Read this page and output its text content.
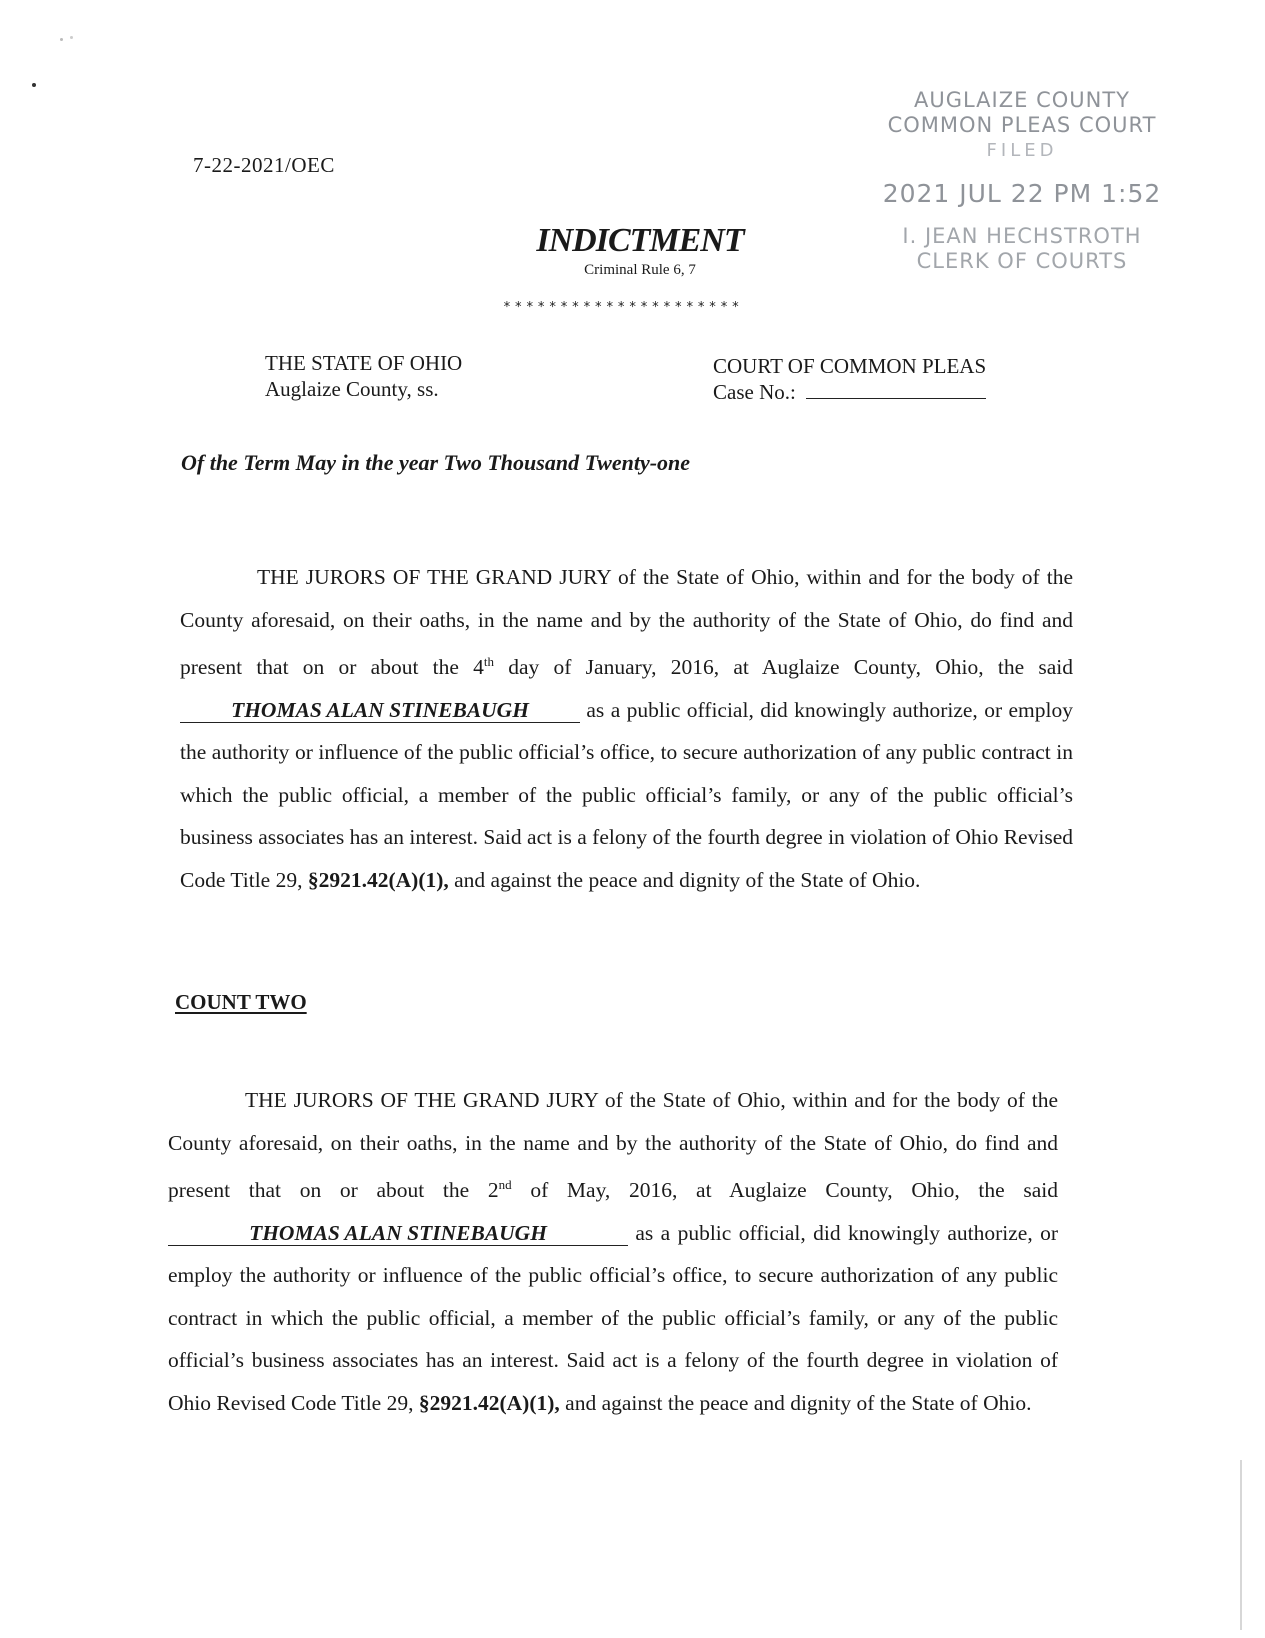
7-22-2021/OEC
AUGLAIZE COUNTY
COMMON PLEAS COURT
FILED
2021 JUL 22 PM 1:52
I. JEAN HECHSTROTH
CLERK OF COURTS
INDICTMENT
Criminal Rule 6, 7
*********************
THE STATE OF OHIO
Auglaize County, ss.
COURT OF COMMON PLEAS
Case No.:
Of the Term May in the year Two Thousand Twenty-one
THE JURORS OF THE GRAND JURY of the State of Ohio, within and for the body of the County aforesaid, on their oaths, in the name and by the authority of the State of Ohio, do find and present that on or about the 4th day of January, 2016, at Auglaize County, Ohio, the said THOMAS ALAN STINEBAUGH as a public official, did knowingly authorize, or employ the authority or influence of the public official’s office, to secure authorization of any public contract in which the public official, a member of the public official’s family, or any of the public official’s business associates has an interest. Said act is a felony of the fourth degree in violation of Ohio Revised Code Title 29, §2921.42(A)(1), and against the peace and dignity of the State of Ohio.
COUNT TWO
THE JURORS OF THE GRAND JURY of the State of Ohio, within and for the body of the County aforesaid, on their oaths, in the name and by the authority of the State of Ohio, do find and present that on or about the 2nd of May, 2016, at Auglaize County, Ohio, the said THOMAS ALAN STINEBAUGH	as a public official, did knowingly authorize, or employ the authority or influence of the public official’s office, to secure authorization of any public contract in which the public official, a member of the public official’s family, or any of the public official’s business associates has an interest. Said act is a felony of the fourth degree in violation of Ohio Revised Code Title 29, §2921.42(A)(1), and against the peace and dignity of the State of Ohio.
